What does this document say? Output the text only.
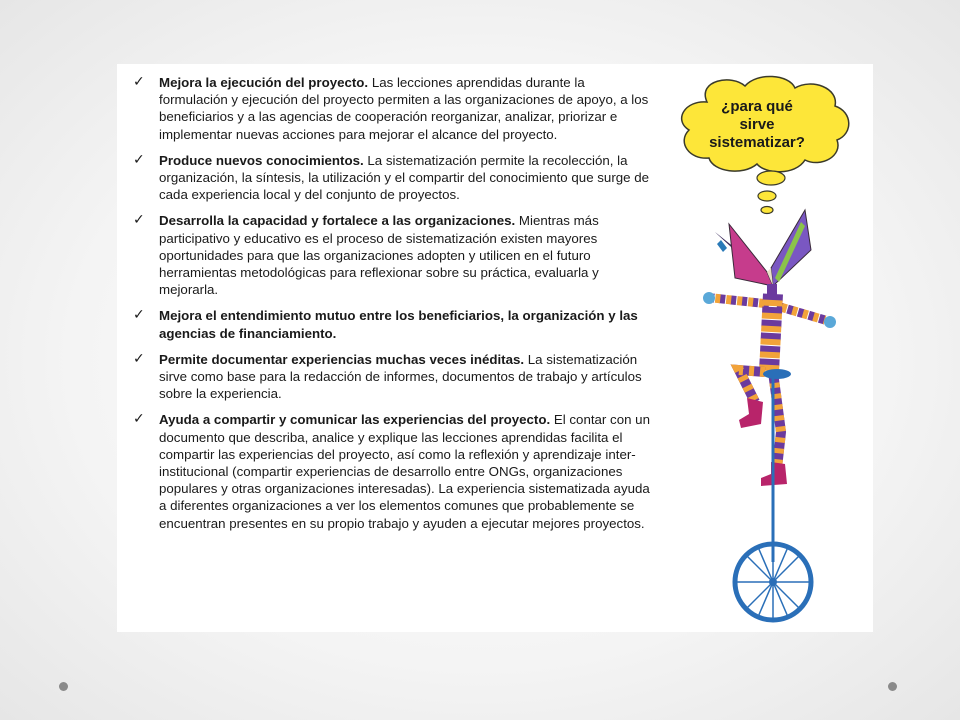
✓ Mejora la ejecución del proyecto. Las lecciones aprendidas durante la formulación y ejecución del proyecto permiten a las organizaciones de apoyo, a los beneficiarios y a las agencias de cooperación reorganizar, analizar, priorizar e implementar nuevas acciones para mejorar el alcance del proyecto.
✓ Produce nuevos conocimientos. La sistematización permite la recolección, la organización, la síntesis, la utilización y el compartir del conocimiento que surge de cada experiencia local y del conjunto de proyectos.
✓ Desarrolla la capacidad y fortalece a las organizaciones. Mientras más participativo y educativo es el proceso de sistematización existen mayores oportunidades para que las organizaciones adopten y utilicen en el futuro herramientas metodológicas para reflexionar sobre su práctica, evaluarla y mejorarla.
✓ Mejora el entendimiento mutuo entre los beneficiarios, la organización y las agencias de financiamiento.
✓ Permite documentar experiencias muchas veces inéditas. La sistematización sirve como base para la redacción de informes, documentos de trabajo y artículos sobre la experiencia.
✓ Ayuda a compartir y comunicar las experiencias del proyecto. El contar con un documento que describa, analice y explique las lecciones aprendidas facilita el compartir las experiencias del proyecto, así como la reflexión y aprendizaje inter-institucional (compartir experiencias de desarrollo entre ONGs, organizaciones populares y otras organizaciones interesadas). La experiencia sistematizada ayuda a diferentes organizaciones a ver los elementos comunes que probablemente se encuentran presentes en su propio trabajo y ayuden a ejecutar mejores proyectos.
¿para qué
sirve
sistematizar?
